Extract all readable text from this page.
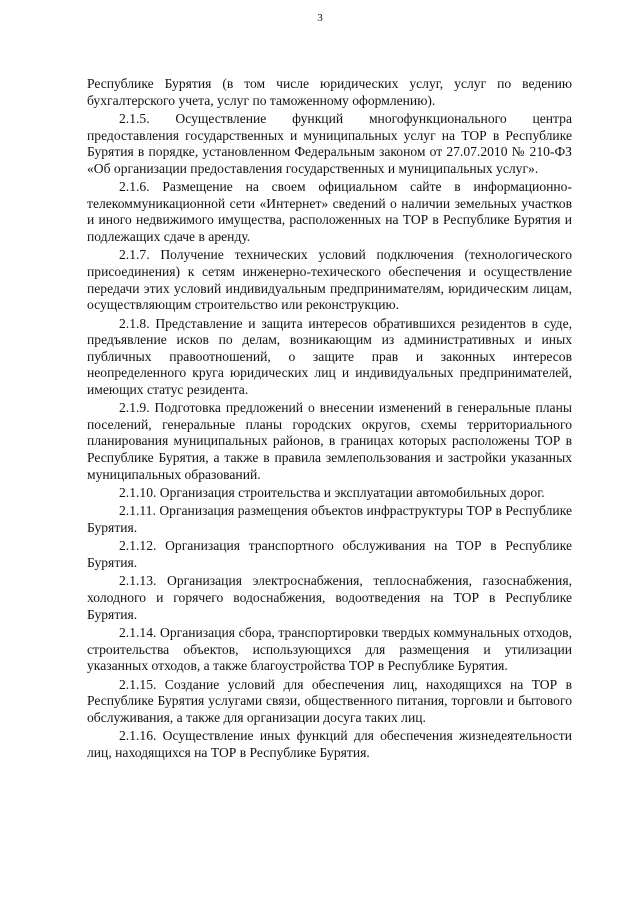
3

Республике Бурятия (в том числе юридических услуг, услуг по ведению бухгалтерского учета, услуг по таможенному оформлению).

2.1.5. Осуществление функций многофункционального центра предоставления государственных и муниципальных услуг на ТОР в Республике Бурятия в порядке, установленном Федеральным законом от 27.07.2010 № 210-ФЗ «Об организации предоставления государственных и муниципальных услуг».

2.1.6. Размещение на своем официальном сайте в информационно-телекоммуникационной сети «Интернет» сведений о наличии земельных участков и иного недвижимого имущества, расположенных на ТОР в Республике Бурятия и подлежащих сдаче в аренду.

2.1.7. Получение технических условий подключения (технологического присоединения) к сетям инженерно-техического обеспечения и осуществление передачи этих условий индивидуальным предпринимателям, юридическим лицам, осуществляющим строительство или реконструкцию.

2.1.8. Представление и защита интересов обратившихся резидентов в суде, предъявление исков по делам, возникающим из административных и иных публичных правоотношений, о защите прав и законных интересов неопределенного круга юридических лиц и индивидуальных предпринимателей, имеющих статус резидента.

2.1.9. Подготовка предложений о внесении изменений в генеральные планы поселений, генеральные планы городских округов, схемы территориального планирования муниципальных районов, в границах которых расположены ТОР в Республике Бурятия, а также в правила землепользования и застройки указанных муниципальных образований.

2.1.10. Организация строительства и эксплуатации автомобильных дорог.

2.1.11. Организация размещения объектов инфраструктуры ТОР в Республике Бурятия.

2.1.12. Организация транспортного обслуживания на ТОР в Республике Бурятия.

2.1.13. Организация электроснабжения, теплоснабжения, газоснабжения, холодного и горячего водоснабжения, водоотведения на ТОР в Республике Бурятия.

2.1.14. Организация сбора, транспортировки твердых коммунальных отходов, строительства объектов, использующихся для размещения и утилизации указанных отходов, а также благоустройства ТОР в Республике Бурятия.

2.1.15. Создание условий для обеспечения лиц, находящихся на ТОР в Республике Бурятия услугами связи, общественного питания, торговли и бытового обслуживания, а также для организации досуга таких лиц.

2.1.16. Осуществление иных функций для обеспечения жизнедеятельности лиц, находящихся на ТОР в Республике Бурятия.
